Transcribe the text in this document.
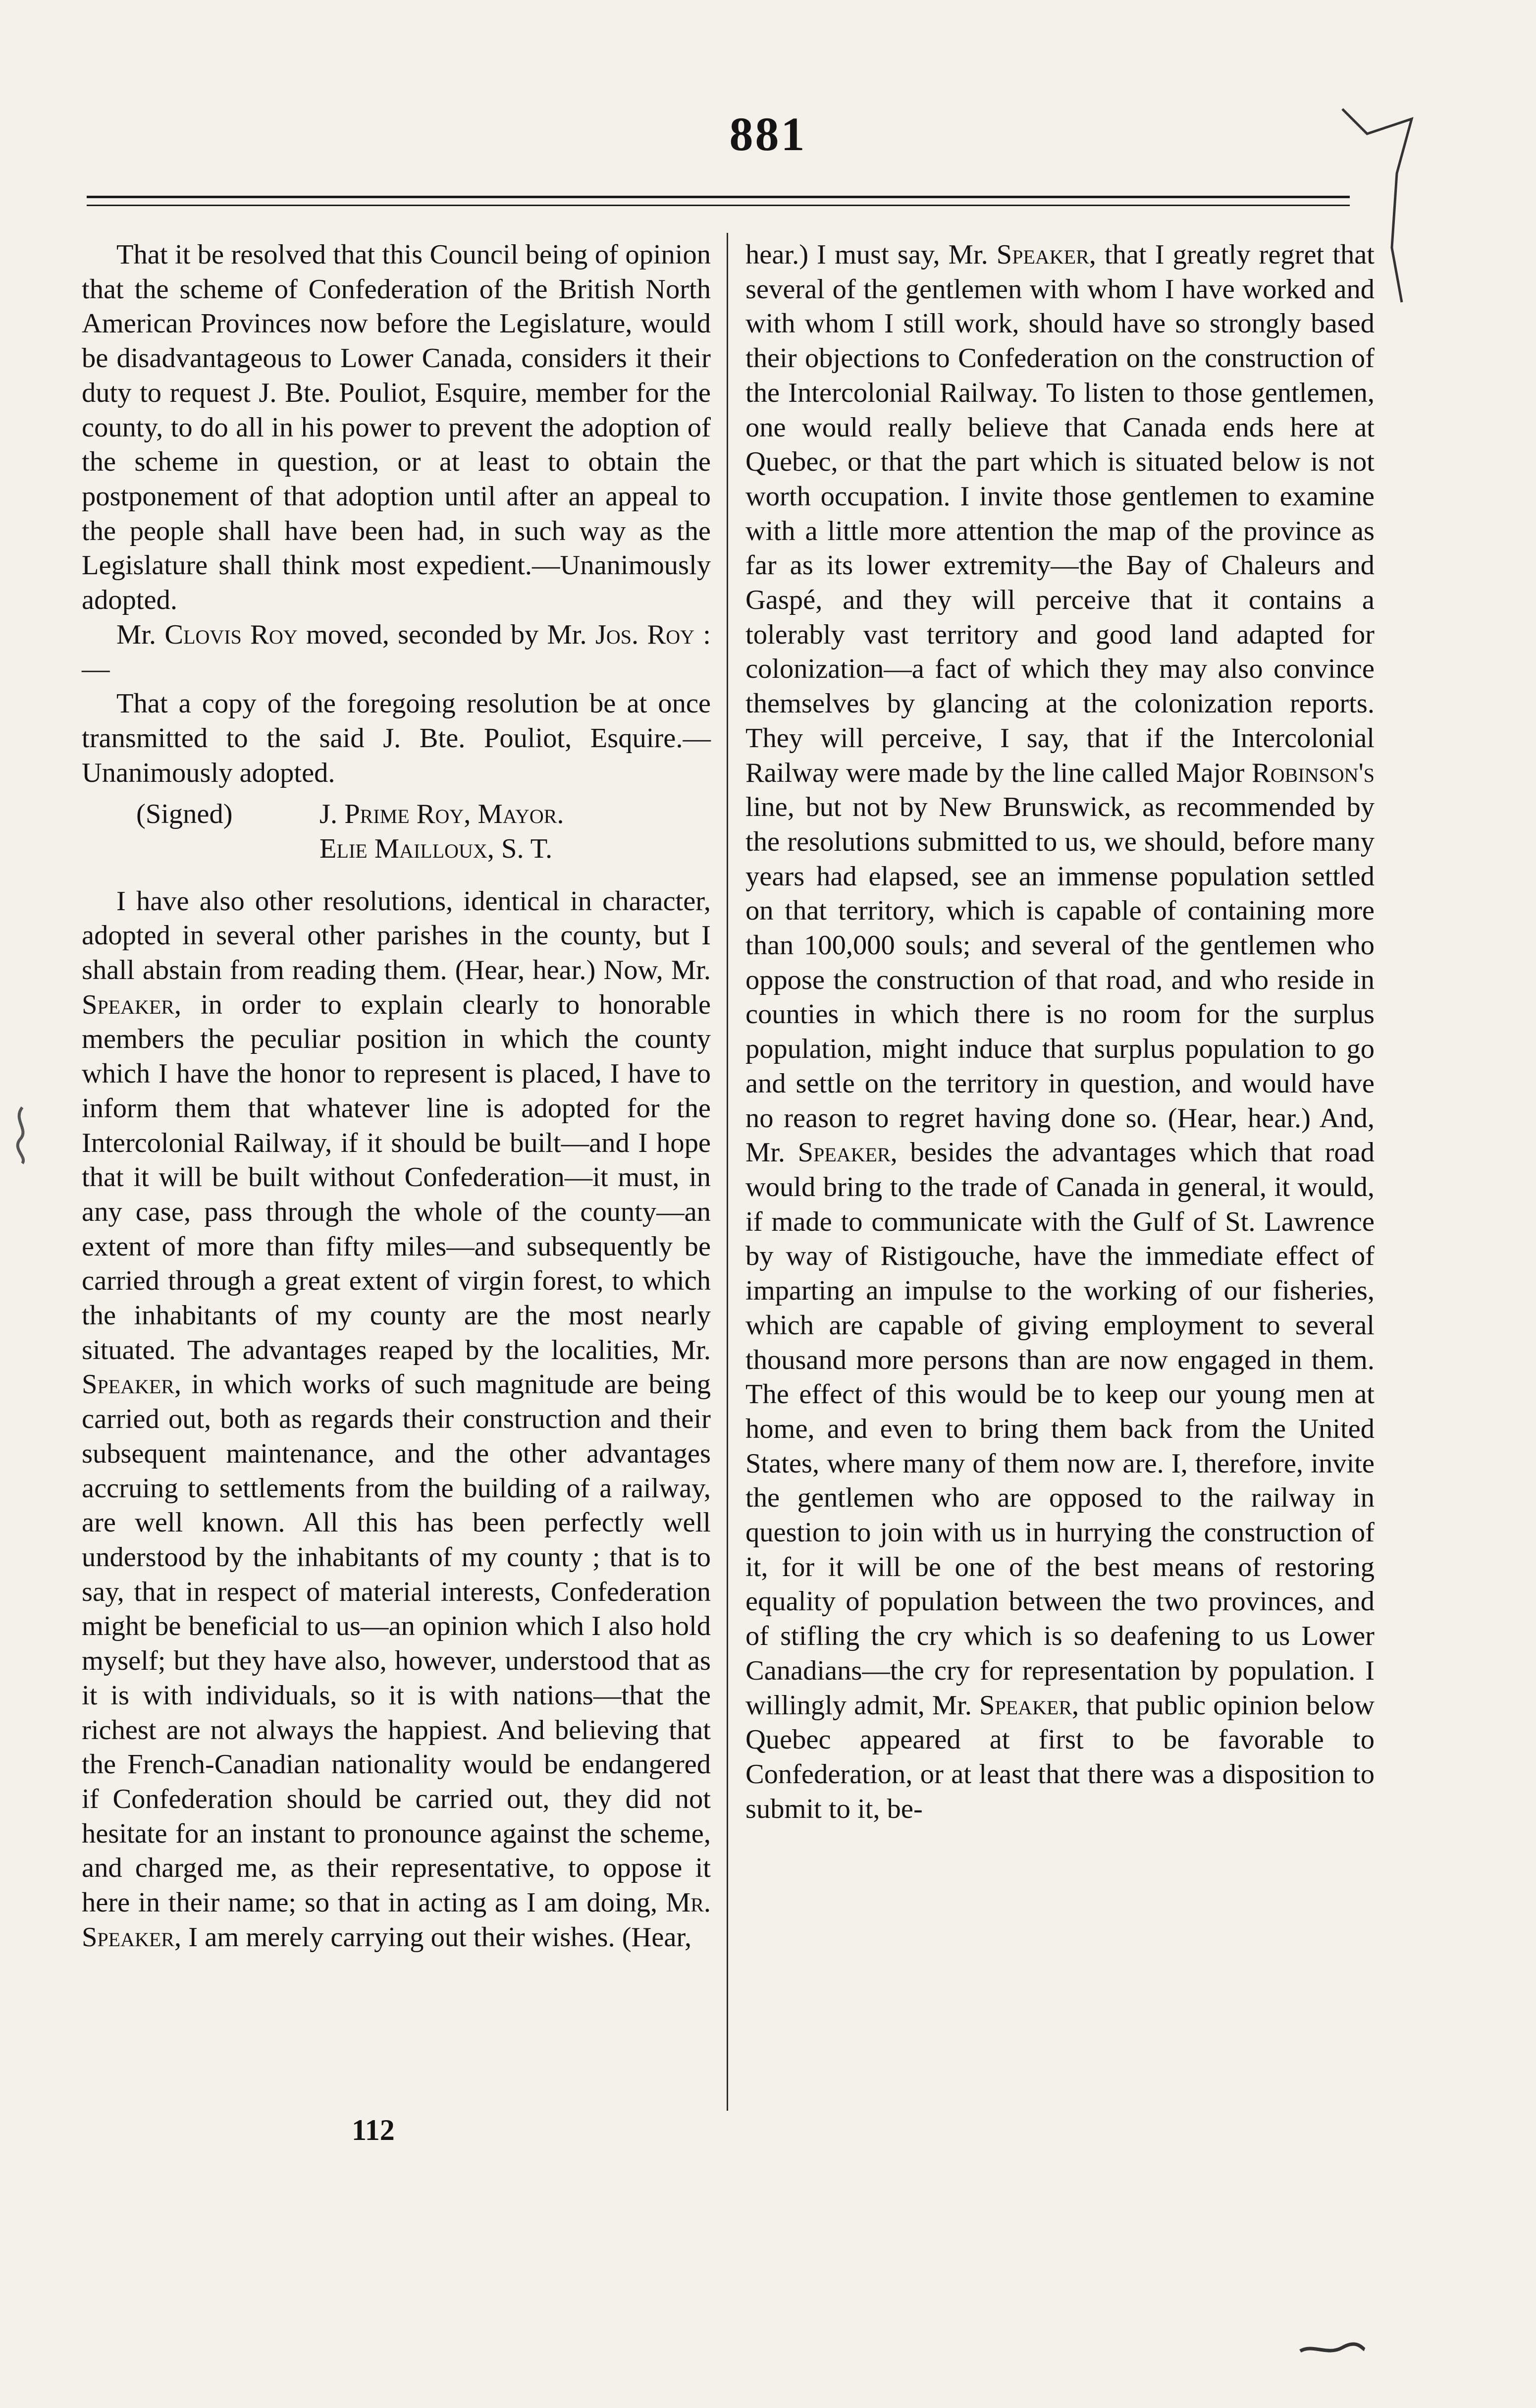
881

That it be resolved that this Council being of opinion that the scheme of Confederation of the British North American Provinces now before the Legislature, would be disadvantageous to Lower Canada, considers it their duty to request J. Bte. Pouliot, Esquire, member for the county, to do all in his power to prevent the adoption of the scheme in question, or at least to obtain the postponement of that adoption until after an appeal to the people shall have been had, in such way as the Legislature shall think most expedient.—Unanimously adopted.

Mr. Clovis Roy moved, seconded by Mr. Jos. Roy :—

That a copy of the foregoing resolution be at once transmitted to the said J. Bte. Pouliot, Esquire.—Unanimously adopted.

(Signed)	J. Prime Roy, Mayor.
Elie Mailloux, S. T.

I have also other resolutions, identical in character, adopted in several other parishes in the county, but I shall abstain from reading them. (Hear, hear.) Now, Mr. Speaker, in order to explain clearly to honorable members the peculiar position in which the county which I have the honor to represent is placed, I have to inform them that whatever line is adopted for the Intercolonial Railway, if it should be built—and I hope that it will be built without Confederation—it must, in any case, pass through the whole of the county—an extent of more than fifty miles—and subsequently be carried through a great extent of virgin forest, to which the inhabitants of my county are the most nearly situated. The advantages reaped by the localities, Mr. Speaker, in which works of such magnitude are being carried out, both as regards their construction and their subsequent maintenance, and the other advantages accruing to settlements from the building of a railway, are well known. All this has been perfectly well understood by the inhabitants of my county ; that is to say, that in respect of material interests, Confederation might be beneficial to us—an opinion which I also hold myself; but they have also, however, understood that as it is with individuals, so it is with nations—that the richest are not always the happiest. And believing that the French-Canadian nationality would be endangered if Confederation should be carried out, they did not hesitate for an instant to pronounce against the scheme, and charged me, as their representative, to oppose it here in their name; so that in acting as I am doing, Mr. Speaker, I am merely carrying out their wishes. (Hear,

hear.) I must say, Mr. Speaker, that I greatly regret that several of the gentlemen with whom I have worked and with whom I still work, should have so strongly based their objections to Confederation on the construction of the Intercolonial Railway. To listen to those gentlemen, one would really believe that Canada ends here at Quebec, or that the part which is situated below is not worth occupation. I invite those gentlemen to examine with a little more attention the map of the province as far as its lower extremity—the Bay of Chaleurs and Gaspé, and they will perceive that it contains a tolerably vast territory and good land adapted for colonization—a fact of which they may also convince themselves by glancing at the colonization reports. They will perceive, I say, that if the Intercolonial Railway were made by the line called Major Robinson's line, but not by New Brunswick, as recommended by the resolutions submitted to us, we should, before many years had elapsed, see an immense population settled on that territory, which is capable of containing more than 100,000 souls; and several of the gentlemen who oppose the construction of that road, and who reside in counties in which there is no room for the surplus population, might induce that surplus population to go and settle on the territory in question, and would have no reason to regret having done so. (Hear, hear.) And, Mr. Speaker, besides the advantages which that road would bring to the trade of Canada in general, it would, if made to communicate with the Gulf of St. Lawrence by way of Ristigouche, have the immediate effect of imparting an impulse to the working of our fisheries, which are capable of giving employment to several thousand more persons than are now engaged in them. The effect of this would be to keep our young men at home, and even to bring them back from the United States, where many of them now are. I, therefore, invite the gentlemen who are opposed to the railway in question to join with us in hurrying the construction of it, for it will be one of the best means of restoring equality of population between the two provinces, and of stifling the cry which is so deafening to us Lower Canadians—the cry for representation by population. I willingly admit, Mr. Speaker, that public opinion below Quebec appeared at first to be favorable to Confederation, or at least that there was a disposition to submit to it, be-

112
